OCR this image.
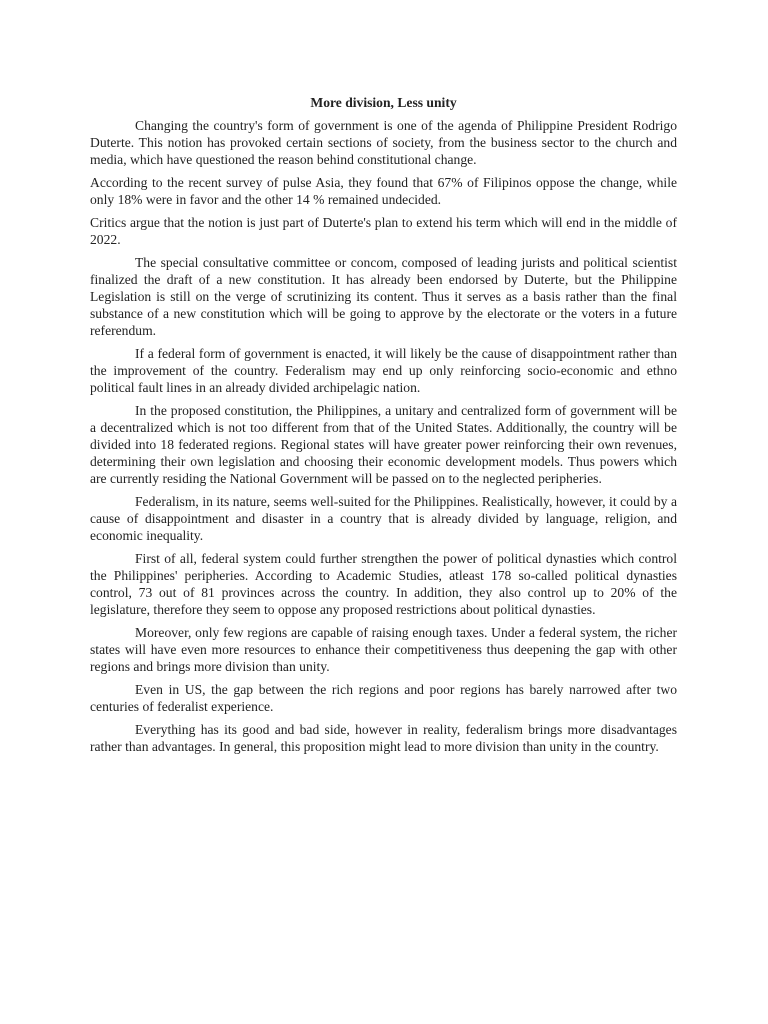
More division, Less unity

Changing the country's form of government is one of the agenda of Philippine President Rodrigo Duterte. This notion has provoked certain sections of society, from the business sector to the church and media, which have questioned the reason behind constitutional change.

According to the recent survey of pulse Asia, they found that 67% of Filipinos oppose the change, while only 18% were in favor and the other 14 % remained undecided.

Critics argue that the notion is just part of Duterte's plan to extend his term which will end in the middle of 2022.

The special consultative committee or concom, composed of leading jurists and political scientist finalized the draft of a new constitution. It has already been endorsed by Duterte, but the Philippine Legislation is still on the verge of scrutinizing its content. Thus it serves as a basis rather than the final substance of a new constitution which will be going to approve by the electorate or the voters in a future referendum.

If a federal form of government is enacted, it will likely be the cause of disappointment rather than the improvement of the country. Federalism may end up only reinforcing socio-economic and ethno political fault lines in an already divided archipelagic nation.

In the proposed constitution, the Philippines, a unitary and centralized form of government will be a decentralized which is not too different from that of the United States. Additionally, the country will be divided into 18 federated regions. Regional states will have greater power reinforcing their own revenues, determining their own legislation and choosing their economic development models. Thus powers which are currently residing the National Government will be passed on to the neglected peripheries.

Federalism, in its nature, seems well-suited for the Philippines. Realistically, however, it could by a cause of disappointment and disaster in a country that is already divided by language, religion, and economic inequality.

First of all, federal system could further strengthen the power of political dynasties which control the Philippines' peripheries. According to Academic Studies, atleast 178 so-called political dynasties control, 73 out of 81 provinces across the country. In addition, they also control up to 20% of the legislature, therefore they seem to oppose any proposed restrictions about political dynasties.

Moreover, only few regions are capable of raising enough taxes. Under a federal system, the richer states will have even more resources to enhance their competitiveness thus deepening the gap with other regions and brings more division than unity.

Even in US, the gap between the rich regions and poor regions has barely narrowed after two centuries of federalist experience.

Everything has its good and bad side, however in reality, federalism brings more disadvantages rather than advantages. In general, this proposition might lead to more division than unity in the country.
